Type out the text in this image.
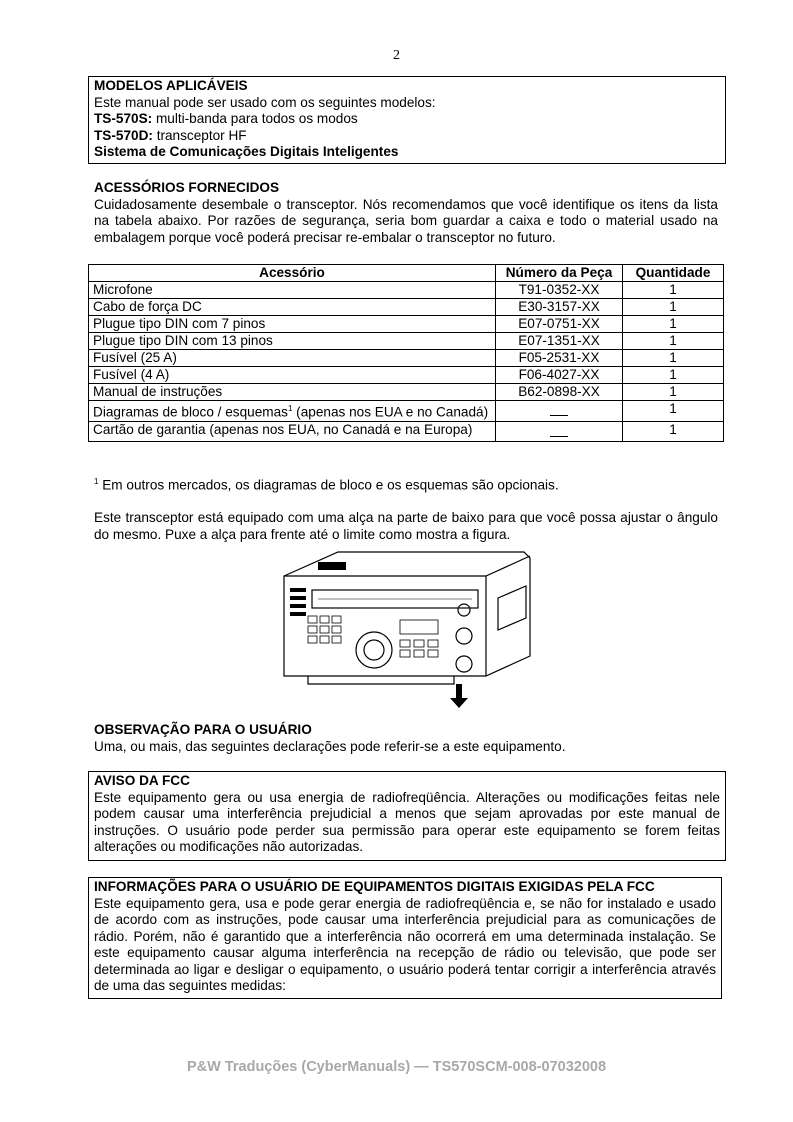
2
MODELOS APLICÁVEIS
Este manual pode ser usado com os seguintes modelos:
TS-570S: multi-banda para todos os modos
TS-570D: transceptor HF
Sistema de Comunicações Digitais Inteligentes
ACESSÓRIOS FORNECIDOS
Cuidadosamente desembale o transceptor. Nós recomendamos que você identifique os itens da lista na tabela abaixo. Por razões de segurança, seria bom guardar a caixa e todo o material usado na embalagem porque você poderá precisar re-embalar o transceptor no futuro.
Acessório	Número da Peça	Quantidade
Microfone	T91-0352-XX	1
Cabo de força DC	E30-3157-XX	1
Plugue tipo DIN com 7 pinos	E07-0751-XX	1
Plugue tipo DIN com 13 pinos	E07-1351-XX	1
Fusível (25 A)	F05-2531-XX	1
Fusível (4 A)	F06-4027-XX	1
Manual de instruções	B62-0898-XX	1
Diagramas de bloco / esquemas$^1$ (apenas nos EUA e no Canadá)		1
Cartão de garantia (apenas nos EUA, no Canadá e na Europa)		1
$^1$ Em outros mercados, os diagramas de bloco e os esquemas são opcionais.
Este transceptor está equipado com uma alça na parte de baixo para que você possa ajustar o ângulo do mesmo. Puxe a alça para frente até o limite como mostra a figura.
OBSERVAÇÃO PARA O USUÁRIO
Uma, ou mais, das seguintes declarações pode referir-se a este equipamento.
AVISO DA FCC
Este equipamento gera ou usa energia de radiofreqüência. Alterações ou modificações feitas nele podem causar uma interferência prejudicial a menos que sejam aprovadas por este manual de instruções. O usuário pode perder sua permissão para operar este equipamento se forem feitas alterações ou modificações não autorizadas.
INFORMAÇÕES PARA O USUÁRIO DE EQUIPAMENTOS DIGITAIS EXIGIDAS PELA FCC
Este equipamento gera, usa e pode gerar energia de radiofreqüência e, se não for instalado e usado de acordo com as instruções, pode causar uma interferência prejudicial para as comunicações de rádio. Porém, não é garantido que a interferência não ocorrerá em uma determinada instalação. Se este equipamento causar alguma interferência na recepção de rádio ou televisão, que pode ser determinada ao ligar e desligar o equipamento, o usuário poderá tentar corrigir a interferência através de uma das seguintes medidas:
P&W Traduções (CyberManuals) — TS570SCM-008-07032008
